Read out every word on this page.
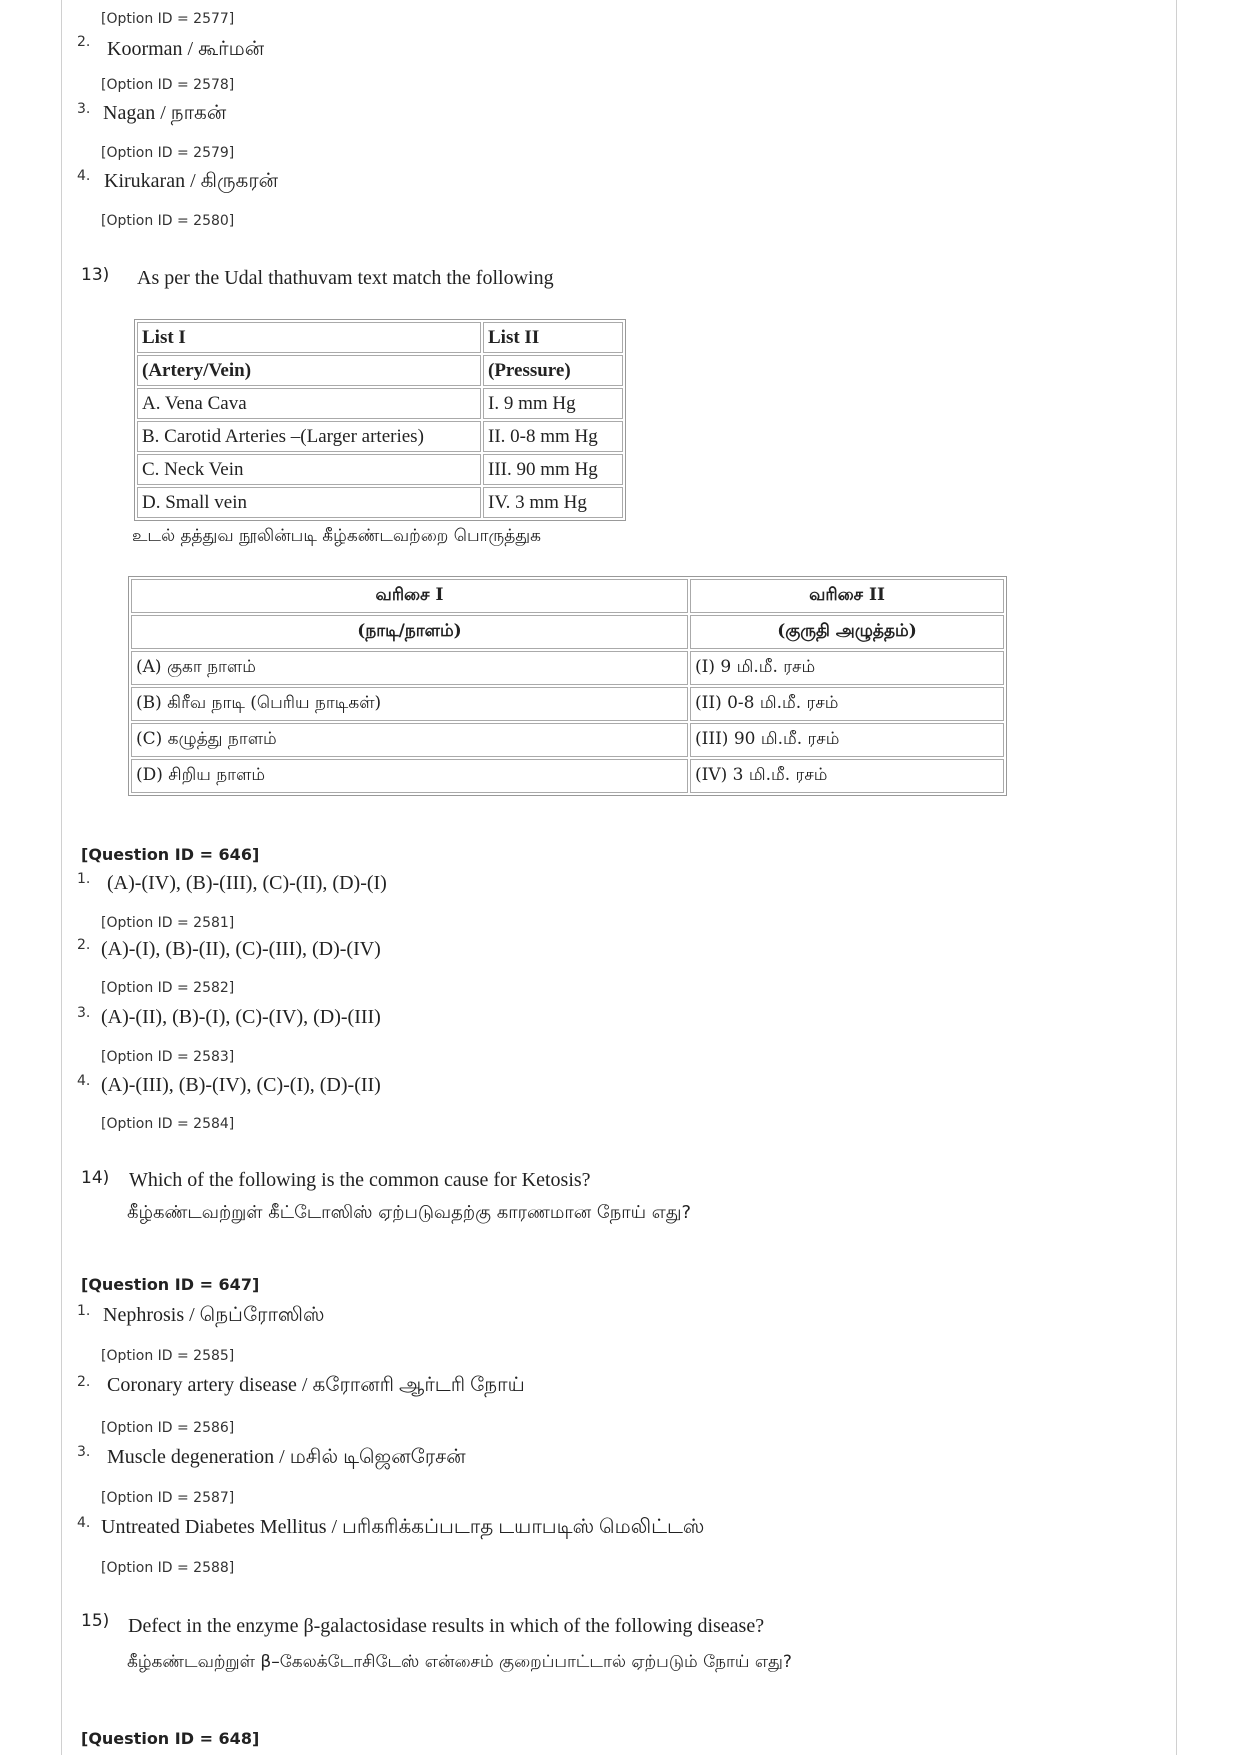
[Option ID = 2577]
2. Koorman / கூர்மன்
[Option ID = 2578]
3. Nagan / நாகன்
[Option ID = 2579]
4. Kirukaran / கிருகரன்
[Option ID = 2580]
13) As per the Udal thathuvam text match the following
List I	List II
(Artery/Vein)	(Pressure)
A. Vena Cava	I. 9 mm Hg
B. Carotid Arteries –(Larger arteries)	II. 0-8 mm Hg
C. Neck Vein	III. 90 mm Hg
D. Small vein	IV. 3 mm Hg
உடல் தத்துவ நூலின்படி கீழ்கண்டவற்றை பொருத்துக
வரிசை I	வரிசை II
(நாடி/நாளம்)	(குருதி அழுத்தம்)
(A) குகா நாளம்	(I) 9 மி.மீ. ரசம்
(B) கிரீவ நாடி (பெரிய நாடிகள்)	(II) 0-8 மி.மீ. ரசம்
(C) கழுத்து நாளம்	(III) 90 மி.மீ. ரசம்
(D) சிறிய நாளம்	(IV) 3 மி.மீ. ரசம்
[Question ID = 646]
1. (A)-(IV), (B)-(III), (C)-(II), (D)-(I)
[Option ID = 2581]
2. (A)-(I), (B)-(II), (C)-(III), (D)-(IV)
[Option ID = 2582]
3. (A)-(II), (B)-(I), (C)-(IV), (D)-(III)
[Option ID = 2583]
4. (A)-(III), (B)-(IV), (C)-(I), (D)-(II)
[Option ID = 2584]
14) Which of the following is the common cause for Ketosis?
கீழ்கண்டவற்றுள் கீட்டோஸிஸ் ஏற்படுவதற்கு காரணமான நோய் எது?
[Question ID = 647]
1. Nephrosis / நெப்ரோஸிஸ்
[Option ID = 2585]
2. Coronary artery disease / கரோனரி ஆர்டரி நோய்
[Option ID = 2586]
3. Muscle degeneration / மசில் டிஜெனரேசன்
[Option ID = 2587]
4. Untreated Diabetes Mellitus / பரிகரிக்கப்படாத டயாபடிஸ் மெலிட்டஸ்
[Option ID = 2588]
15) Defect in the enzyme β-galactosidase results in which of the following disease?
கீழ்கண்டவற்றுள் β–கேலக்டோசிடேஸ் என்சைம் குறைப்பாட்டால் ஏற்படும் நோய் எது?
[Question ID = 648]
